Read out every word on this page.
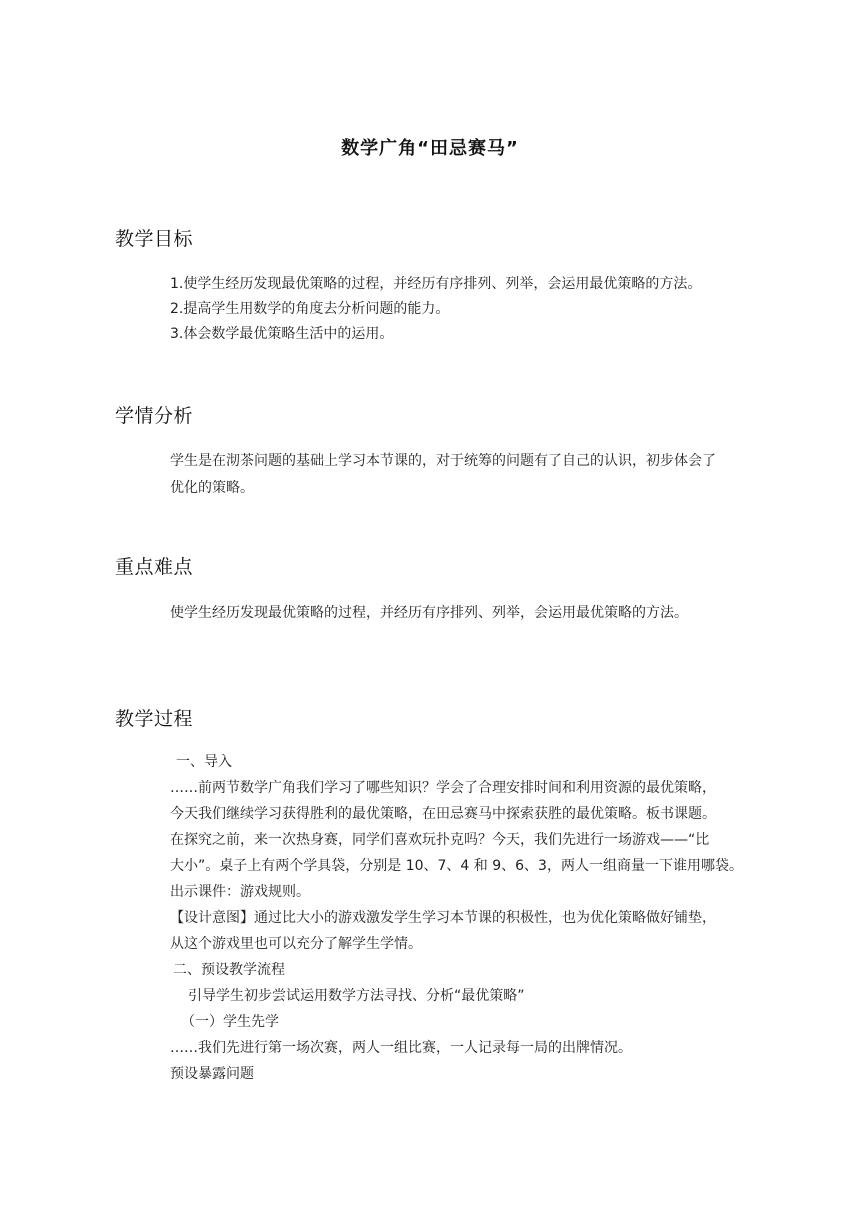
数学广角“田忌赛马”
教学目标
1.使学生经历发现最优策略的过程，并经历有序排列、列举，会运用最优策略的方法。
2.提高学生用数学的角度去分析问题的能力。
3.体会数学最优策略生活中的运用。
学情分析
学生是在沏茶问题的基础上学习本节课的，对于统筹的问题有了自己的认识，初步体会了
优化的策略。
重点难点
使学生经历发现最优策略的过程，并经历有序排列、列举，会运用最优策略的方法。
教学过程
一、导入
……前两节数学广角我们学习了哪些知识？学会了合理安排时间和利用资源的最优策略，
今天我们继续学习获得胜利的最优策略，在田忌赛马中探索获胜的最优策略。板书课题。
在探究之前，来一次热身赛，同学们喜欢玩扑克吗？今天，我们先进行一场游戏——“比
大小”。桌子上有两个学具袋，分别是 10、7、4 和 9、6、3，两人一组商量一下谁用哪袋。
出示课件：游戏规则。
【设计意图】通过比大小的游戏激发学生学习本节课的积极性，也为优化策略做好铺垫，
从这个游戏里也可以充分了解学生学情。
二、预设教学流程
引导学生初步尝试运用数学方法寻找、分析“最优策略”
（一）学生先学
……我们先进行第一场次赛，两人一组比赛，一人记录每一局的出牌情况。
预设暴露问题
